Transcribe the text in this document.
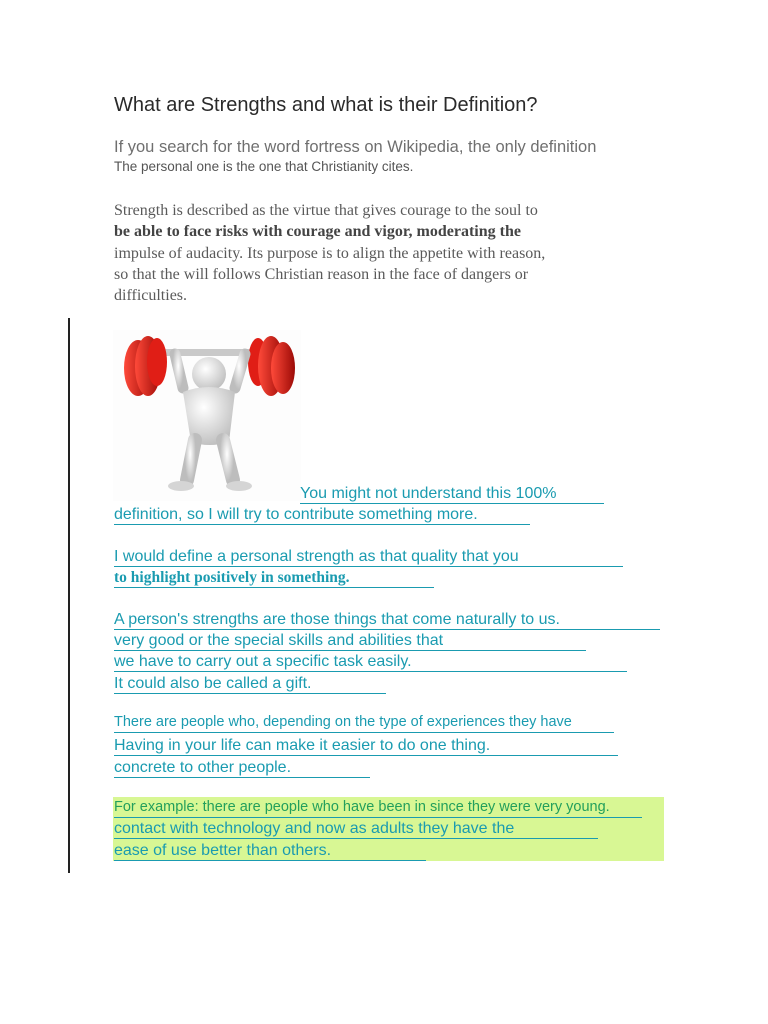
What are Strengths and what is their Definition?
If you search for the word fortress on Wikipedia, the only definition
The personal one is the one that Christianity cites.
Strength is described as the virtue that gives courage to the soul to
be able to face risks with courage and vigor, moderating the
impulse of audacity. Its purpose is to align the appetite with reason,
so that the will follows Christian reason in the face of dangers or
difficulties.
You might not understand this 100%
definition, so I will try to contribute something more.
I would define a personal strength as that quality that you
to highlight positively in something.
A person's strengths are those things that come naturally to us.
very good or the special skills and abilities that
we have to carry out a specific task easily.
It could also be called a gift.
There are people who, depending on the type of experiences they have
Having in your life can make it easier to do one thing.
concrete to other people.
For example: there are people who have been in since they were very young.
contact with technology and now as adults they have the
ease of use better than others.
